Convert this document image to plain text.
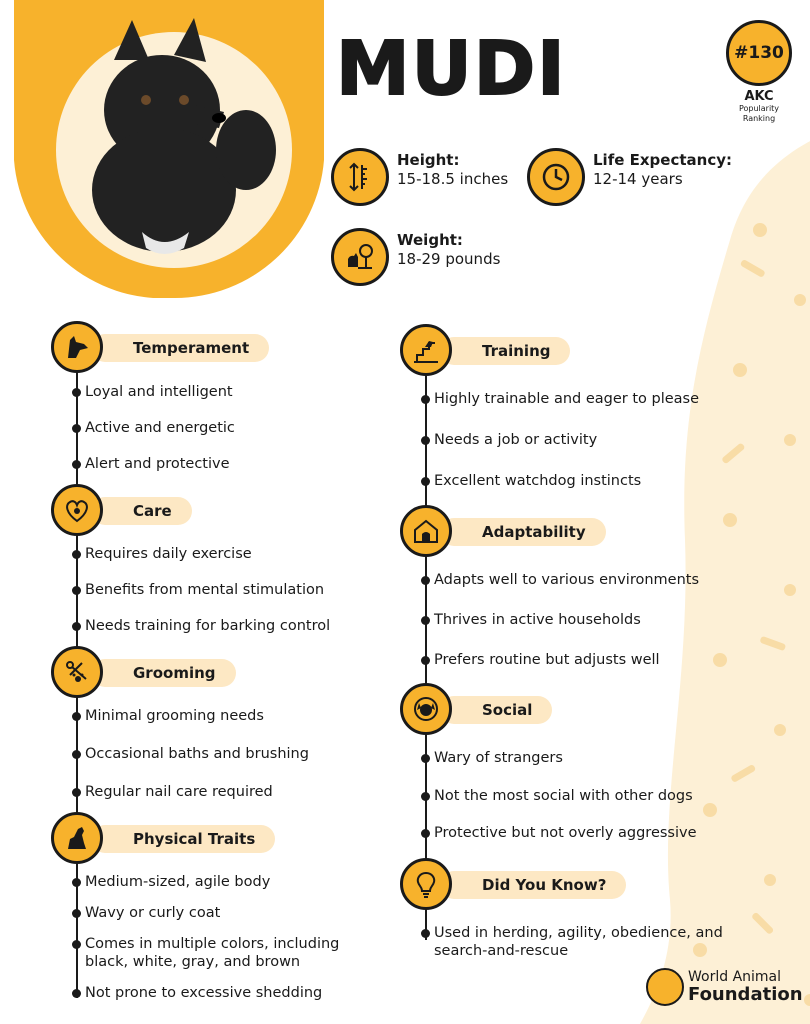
MUDI	#130
AKC
Popularity Ranking
Height:
15-18.5 inches
Life Expectancy:
12-14 years
Weight:
18-29 pounds
Temperament
Loyal and intelligent
Active and energetic
Alert and protective
Care
Requires daily exercise
Benefits from mental stimulation
Needs training for barking control
Grooming
Minimal grooming needs
Occasional baths and brushing
Regular nail care required
Physical Traits
Medium-sized, agile body
Wavy or curly coat
Comes in multiple colors, including
black, white, gray, and brown
Not prone to excessive shedding
Training
Highly trainable and eager to please
Needs a job or activity
Excellent watchdog instincts
Adaptability
Adapts well to various environments
Thrives in active households
Prefers routine but adjusts well
Social
Wary of strangers
Not the most social with other dogs
Protective but not overly aggressive
Did You Know?
Used in herding, agility, obedience, and
search-and-rescue
World Animal
Foundation
